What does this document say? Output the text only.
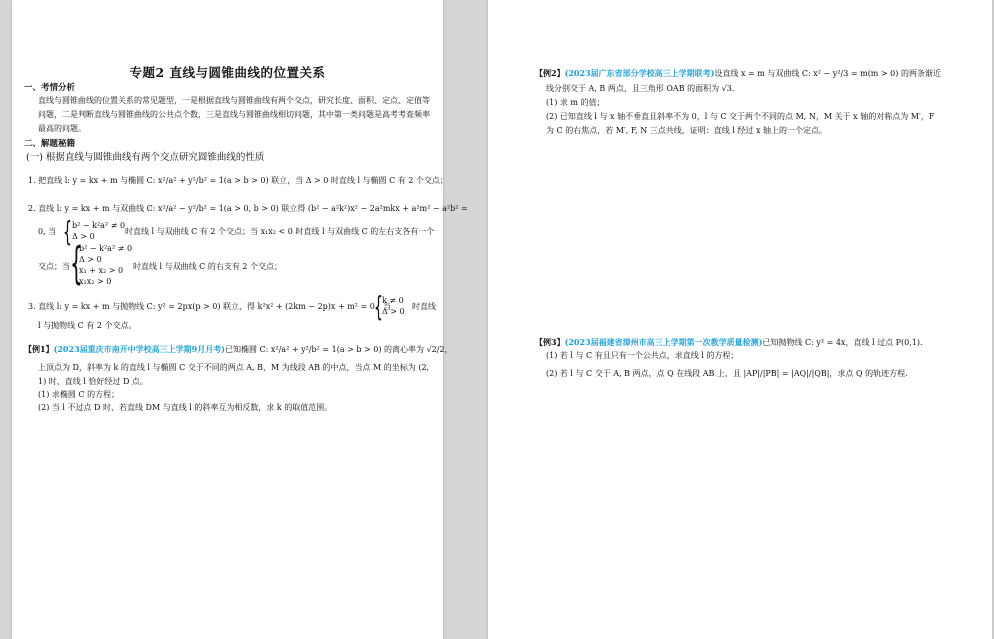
专题2 直线与圆锥曲线的位置关系
一、考情分析
直线与圆锥曲线的位置关系的常见题型，一是根据直线与圆锥曲线有两个交点，研究长度、面积、定点、定值等问题，二是判断直线与圆锥曲线的公共点个数，三是直线与圆锥曲线相切问题，其中第一类问题是高考考查频率最高的问题。
二、解题秘籍
(一) 根据直线与圆锥曲线有两个交点研究圆锥曲线的性质
1. 把直线 l: y = kx + m 与椭圆 C: x²/a² + y²/b² = 1(a > b > 0) 联立，当 Δ > 0 时直线 l 与椭圆 C 有 2 个交点；
2. 直线 l: y = kx + m 与双曲线 C: x²/a² − y²/b² = 1(a > 0, b > 0) 联立得 (b² − a²k²)x² − 2a²mkx + a²m² − a²b² =
0, 当 { b² − k²a² ≠ 0
Δ > 0
时直线 l 与双曲线 C 有 2 个交点；当 x₁x₂ < 0 时直线 l 与双曲线 C 的左右支各有一个
交点；当 {
b² − k²a² ≠ 0
Δ > 0
x₁ + x₂ > 0
x₁x₂ > 0
时直线 l 与双曲线 C 的右支有 2 个交点；
3. 直线 l: y = kx + m 与抛物线 C: y² = 2px(p > 0) 联立，得 k²x² + (2km − 2p)x + m² = 0，当
{ k ≠ 0
Δ > 0
时直线
l 与抛物线 C 有 2 个交点。
【例1】(2023届重庆市南开中学校高三上学期9月月考)已知椭圆 C: x²/a² + y²/b² = 1(a > b > 0) 的离心率为 √2/2，
上顶点为 D，斜率为 k 的直线 l 与椭圆 C 交于不同的两点 A, B，M 为线段 AB 的中点，当点 M 的坐标为 (2,
1) 时，直线 l 恰好经过 D 点。
(1) 求椭圆 C 的方程；
(2) 当 l 不过点 D 时，若直线 DM 与直线 l 的斜率互为相反数，求 k 的取值范围。
【例2】(2023届广东省部分学校高三上学期联考)设直线 x = m 与双曲线 C: x² − y²/3 = m(m > 0) 的两条渐近
线分别交于 A, B 两点，且三角形 OAB 的面积为 √3.
(1) 求 m 的值；
(2) 已知直线 l 与 x 轴不垂直且斜率不为 0，l 与 C 交于两个不同的点 M, N，M 关于 x 轴的对称点为 M′，F
为 C 的右焦点，若 M′, F, N 三点共线，证明：直线 l 经过 x 轴上的一个定点。
【例3】(2023届福建省漳州市高三上学期第一次教学质量检测)已知抛物线 C: y² = 4x，直线 l 过点 P(0,1).
(1) 若 l 与 C 有且只有一个公共点，求直线 l 的方程；
(2) 若 l 与 C 交于 A, B 两点，点 Q 在线段 AB 上，且 |AP|/|PB| = |AQ|/|QB|，求点 Q 的轨迹方程.
